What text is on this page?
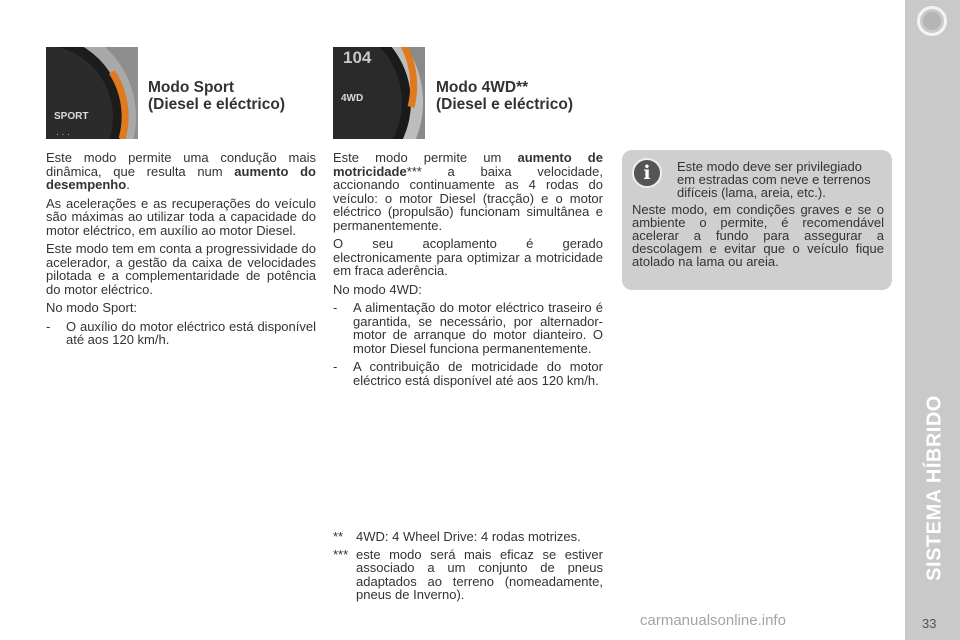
SISTEMA HÍBRIDO
33
SPORT
· · ·
Modo Sport
(Diesel e eléctrico)

Este modo permite uma condução mais dinâmica, que resulta num aumento do desempenho.

As acelerações e as recuperações do veículo são máximas ao utilizar toda a capacidade do motor eléctrico, em auxílio ao motor Diesel.

Este modo tem em conta a progressividade do acelerador, a gestão da caixa de velocidades pilotada e a complementaridade de potência do motor eléctrico.

No modo Sport:

-	O auxílio do motor eléctrico está disponível até aos 120 km/h.
104
4WD
Modo 4WD**
(Diesel e eléctrico)

Este modo permite um aumento de motricidade*** a baixa velocidade, accionando continuamente as 4 rodas do veículo: o motor Diesel (tracção) e o motor eléctrico (propulsão) funcionam simultânea e permanentemente.

O seu acoplamento é gerado electronicamente para optimizar a motricidade em fraca aderência.

No modo 4WD:

-	A alimentação do motor eléctrico traseiro é garantida, se necessário, por alternador-motor de arranque do motor dianteiro. O motor Diesel funciona permanentemente.
-	A contribuição de motricidade do motor eléctrico está disponível até aos 120 km/h.
i	Este modo deve ser privilegiado em estradas com neve e terrenos difíceis (lama, areia, etc.).
Neste modo, em condições graves e se o ambiente o permite, é recomendável acelerar a fundo para assegurar a descolagem e evitar que o veículo fique atolado na lama ou areia.
** 4WD: 4 Wheel Drive: 4 rodas motrizes.
*** este modo será mais eficaz se estiver associado a um conjunto de pneus adaptados ao terreno (nomeadamente, pneus de Inverno).
carmanualsonline.info
